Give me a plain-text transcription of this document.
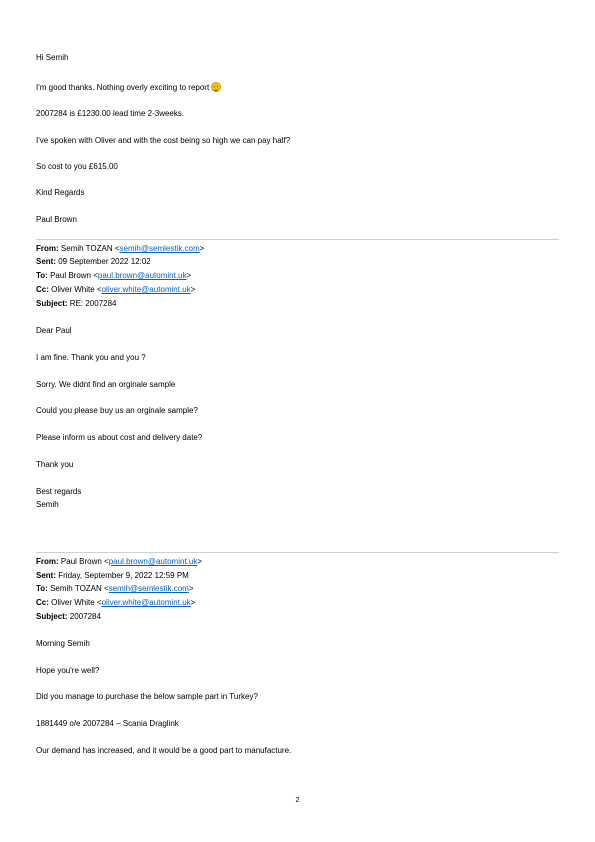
Hi Semih
I'm good thanks. Nothing overly exciting to report
2007284 is £1230.00 lead time 2-3weeks.
I've spoken with Oliver and with the cost being so high we can pay half?
So cost to you £615.00
Kind Regards
Paul Brown
From: Semih TOZAN <semih@semlestik.com>
Sent: 09 September 2022 12:02
To: Paul Brown <paul.brown@automint.uk>
Cc: Oliver White <oliver.white@automint.uk>
Subject: RE: 2007284
Dear Paul
I am fine. Thank you and you ?
Sorry. We didnt find an orginale sample
Could you please buy us an orginale sample?
Please inform us about cost and delivery date?
Thank you
Best regards
Semih
From: Paul Brown <paul.brown@automint.uk>
Sent: Friday, September 9, 2022 12:59 PM
To: Semih TOZAN <semih@semlestik.com>
Cc: Oliver White <oliver.white@automint.uk>
Subject: 2007284
Morning Semih
Hope you're well?
Did you manage to purchase the below sample part in Turkey?
1881449 o/e 2007284 – Scania Draglink
Our demand has increased, and it would be a good part to manufacture.
2
